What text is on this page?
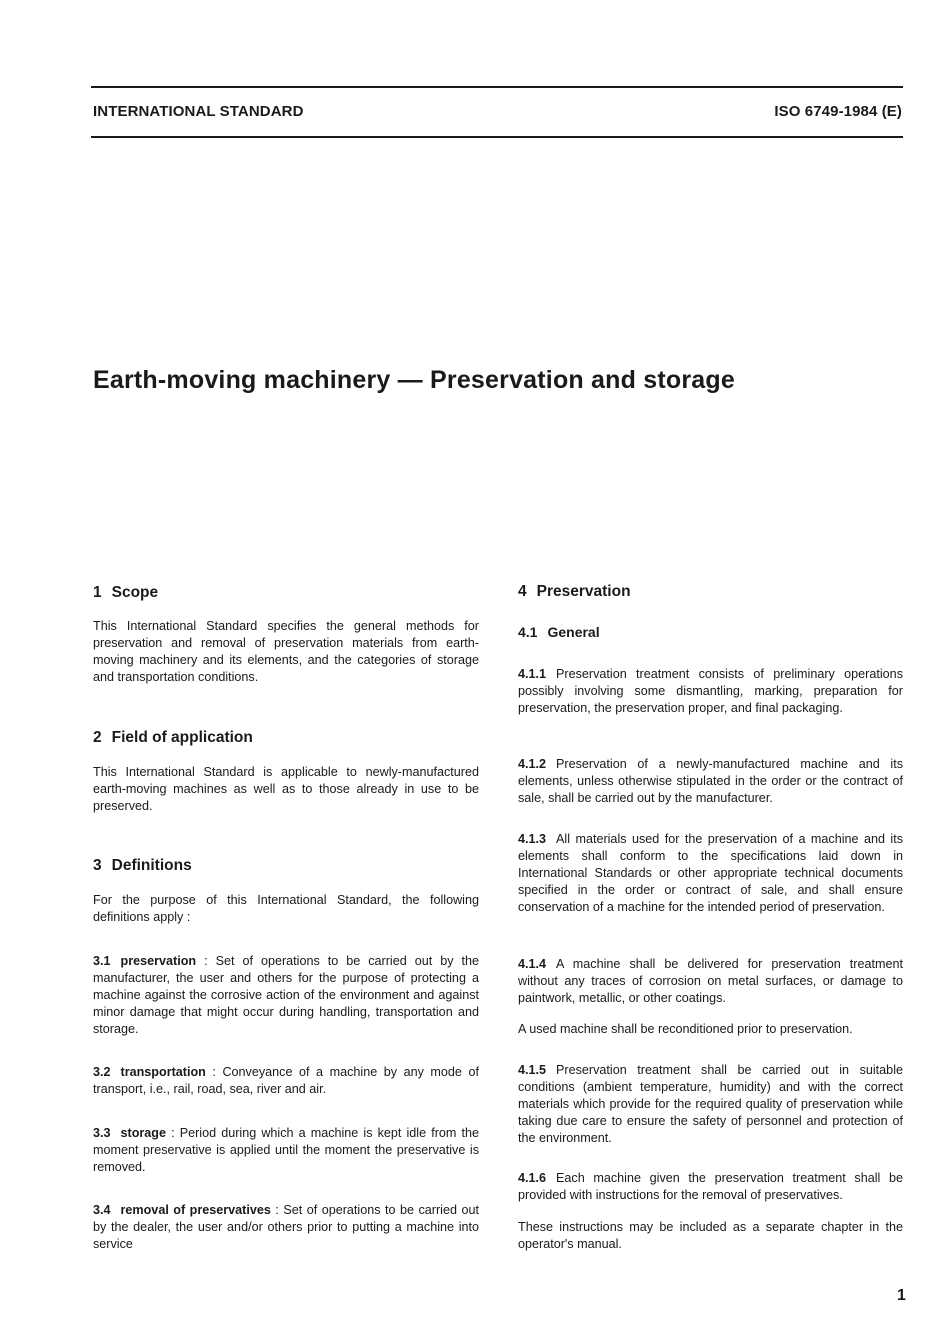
INTERNATIONAL STANDARD	ISO 6749-1984 (E)
Earth-moving machinery — Preservation and storage
1 Scope

This International Standard specifies the general methods for preservation and removal of preservation materials from earth-moving machinery and its elements, and the categories of storage and transportation conditions.

2 Field of application

This International Standard is applicable to newly-manufactured earth-moving machines as well as to those already in use to be preserved.

3 Definitions

For the purpose of this International Standard, the following definitions apply :

3.1 preservation : Set of operations to be carried out by the manufacturer, the user and others for the purpose of protecting a machine against the corrosive action of the environment and against minor damage that might occur during handling, transportation and storage.

3.2 transportation : Conveyance of a machine by any mode of transport, i.e., rail, road, sea, river and air.

3.3 storage : Period during which a machine is kept idle from the moment preservative is applied until the moment the preservative is removed.

3.4 removal of preservatives : Set of operations to be carried out by the dealer, the user and/or others prior to putting a machine into service

4 Preservation
4.1 General

4.1.1 Preservation treatment consists of preliminary operations possibly involving some dismantling, marking, preparation for preservation, the preservation proper, and final packaging.

4.1.2 Preservation of a newly-manufactured machine and its elements, unless otherwise stipulated in the order or the contract of sale, shall be carried out by the manufacturer.

4.1.3 All materials used for the preservation of a machine and its elements shall conform to the specifications laid down in International Standards or other appropriate technical documents specified in the order or contract of sale, and shall ensure conservation of a machine for the intended period of preservation.

4.1.4 A machine shall be delivered for preservation treatment without any traces of corrosion on metal surfaces, or damage to paintwork, metallic, or other coatings.

A used machine shall be reconditioned prior to preservation.

4.1.5 Preservation treatment shall be carried out in suitable conditions (ambient temperature, humidity) and with the correct materials which provide for the required quality of preservation while taking due care to ensure the safety of personnel and protection of the environment.

4.1.6 Each machine given the preservation treatment shall be provided with instructions for the removal of preservatives.

These instructions may be included as a separate chapter in the operator's manual.

1
